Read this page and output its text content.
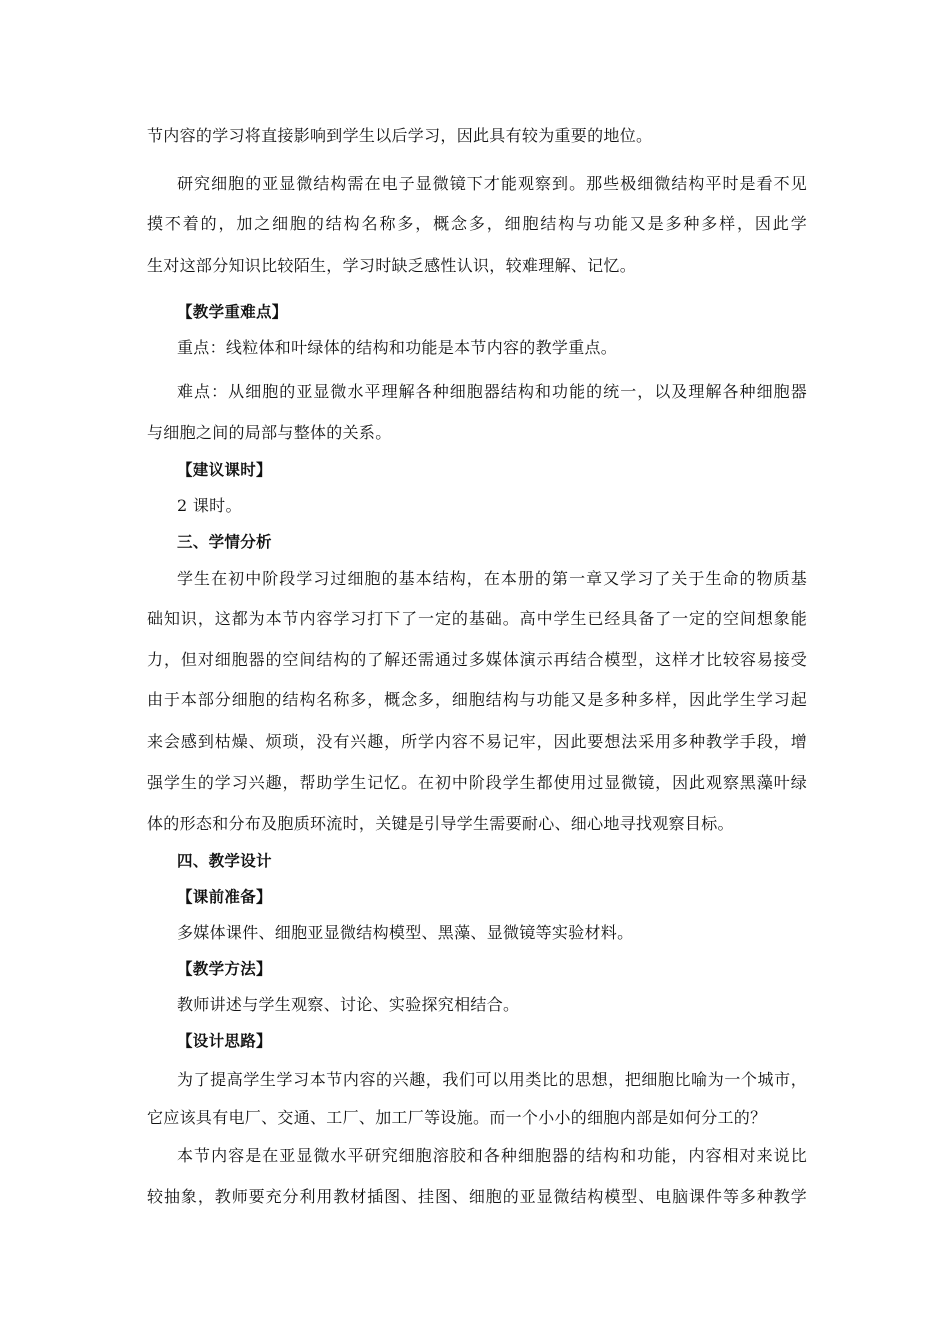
节内容的学习将直接影响到学生以后学习，因此具有较为重要的地位。
研究细胞的亚显微结构需在电子显微镜下才能观察到。那些极细微结构平时是看不见
摸不着的，加之细胞的结构名称多，概念多，细胞结构与功能又是多种多样，因此学
生对这部分知识比较陌生，学习时缺乏感性认识，较难理解、记忆。
【教学重难点】
重点：线粒体和叶绿体的结构和功能是本节内容的教学重点。
难点：从细胞的亚显微水平理解各种细胞器结构和功能的统一，以及理解各种细胞器
与细胞之间的局部与整体的关系。
【建议课时】
2 课时。
三、学情分析
学生在初中阶段学习过细胞的基本结构，在本册的第一章又学习了关于生命的物质基
础知识，这都为本节内容学习打下了一定的基础。高中学生已经具备了一定的空间想象能
力，但对细胞器的空间结构的了解还需通过多媒体演示再结合模型，这样才比较容易接受
由于本部分细胞的结构名称多，概念多，细胞结构与功能又是多种多样，因此学生学习起
来会感到枯燥、烦琐，没有兴趣，所学内容不易记牢，因此要想法采用多种教学手段，增
强学生的学习兴趣，帮助学生记忆。在初中阶段学生都使用过显微镜，因此观察黑藻叶绿
体的形态和分布及胞质环流时，关键是引导学生需要耐心、细心地寻找观察目标。
四、教学设计
【课前准备】
多媒体课件、细胞亚显微结构模型、黑藻、显微镜等实验材料。
【教学方法】
教师讲述与学生观察、讨论、实验探究相结合。
【设计思路】
为了提高学生学习本节内容的兴趣，我们可以用类比的思想，把细胞比喻为一个城市，
它应该具有电厂、交通、工厂、加工厂等设施。而一个小小的细胞内部是如何分工的？
本节内容是在亚显微水平研究细胞溶胶和各种细胞器的结构和功能，内容相对来说比
较抽象，教师要充分利用教材插图、挂图、细胞的亚显微结构模型、电脑课件等多种教学
